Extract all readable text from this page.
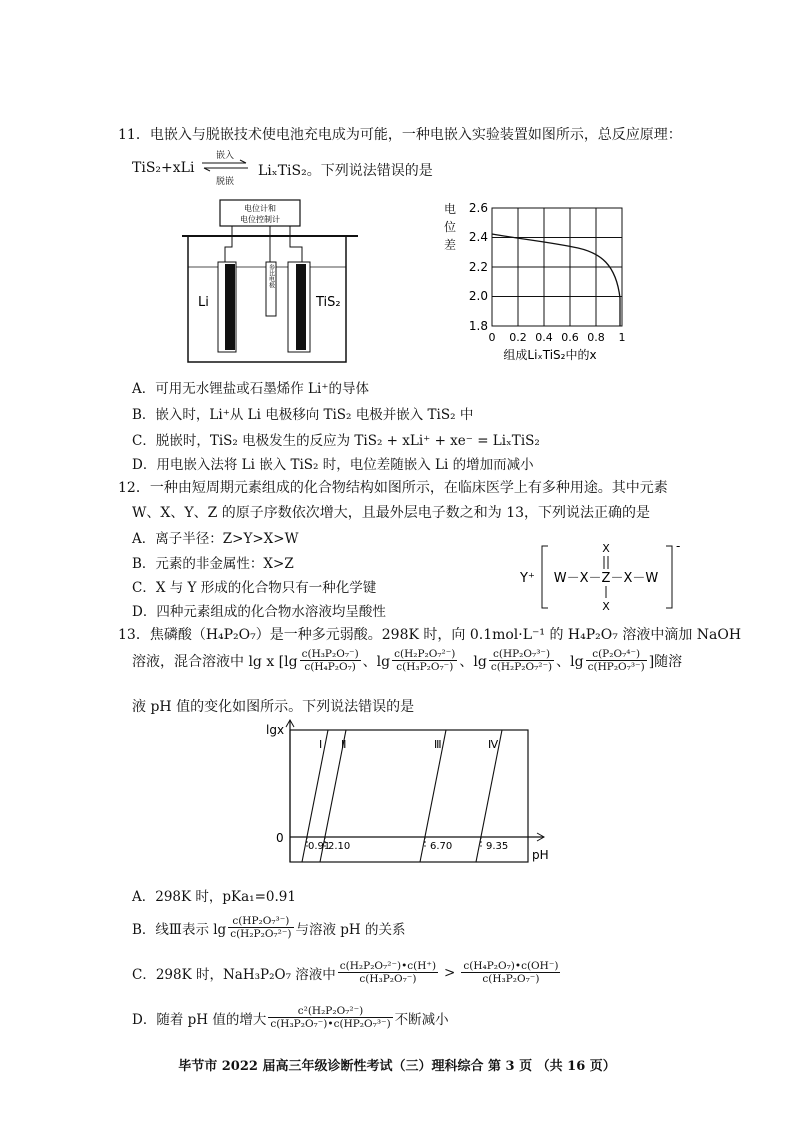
11．电嵌入与脱嵌技术使电池充电成为可能，一种电嵌入实验装置如图所示，总反应原理：
TiS₂+xLi
嵌入
脱嵌
LiₓTiS₂。下列说法错误的是
电位计和
电位控制计
参比电极
Li	TiS₂
电位差
2.6
2.4
2.2
2.0
1.8
0 0.2 0.4 0.6 0.8 1
组成LiₓTiS₂中的x
A．可用无水锂盐或石墨烯作 Li⁺的导体
B．嵌入时，Li⁺从 Li 电极移向 TiS₂ 电极并嵌入 TiS₂ 中
C．脱嵌时，TiS₂ 电极发生的反应为 TiS₂ + xLi⁺ + xe⁻ = LiₓTiS₂
D．用电嵌入法将 Li 嵌入 TiS₂ 时，电位差随嵌入 Li 的增加而减小
12．一种由短周期元素组成的化合物结构如图所示，在临床医学上有多种用途。其中元素
W、X、Y、Z 的原子序数依次增大，且最外层电子数之和为 13，下列说法正确的是
A．离子半径：Z>Y>X>W
B．元素的非金属性：X>Z
C．X 与 Y 形成的化合物只有一种化学键
D．四种元素组成的化合物水溶液均呈酸性
Y⁺
-
X
W－X－Z－X－W
X
13．焦磷酸（H₄P₂O₇）是一种多元弱酸。298K 时，向 0.1mol·L⁻¹ 的 H₄P₂O₇ 溶液中滴加 NaOH
溶液，混合溶液中 lg x [$\lg \frac{\text{c(H₃P₂O₇⁻)}}{\text{c(H₄P₂O₇)}}$ 、$\lg \frac{\text{c(H₂P₂O₇²⁻)}}{\text{c(H₃P₂O₇⁻)}}$ 、$\lg \frac{\text{c(HP₂O₇³⁻)}}{\text{c(H₂P₂O₇²⁻)}}$ 、$\lg \frac{\text{c(P₂O₇⁴⁻)}}{\text{c(HP₂O₇³⁻)}}$ ]随溶
液 pH 值的变化如图所示。下列说法错误的是
lgx
0
pH
Ⅰ Ⅱ	Ⅲ	Ⅳ
0.91
2.10	6.70	9.35
A．298K 时，pKa₁=0.91
B．线Ⅲ表示 $\lg \frac{\text{c(HP₂O₇³⁻)}}{\text{c(H₂P₂O₇²⁻)}}$ 与溶液 pH 的关系
C．298K 时，NaH₃P₂O₇ 溶液中 $\frac{\text{c(H₂P₂O₇²⁻)•c(H⁺)}}{\text{c(H₃P₂O₇⁻)}} > \frac{\text{c(H₄P₂O₇)•c(OH⁻)}}{\text{c(H₃P₂O₇⁻)}}$
D．随着 pH 值的增大 $\frac{\text{c²(H₂P₂O₇²⁻)}}{\text{c(H₃P₂O₇⁻)•c(HP₂O₇³⁻)}}$ 不断减小
毕节市 2022 届高三年级诊断性考试（三）理科综合 第 3 页 （共 16 页）
